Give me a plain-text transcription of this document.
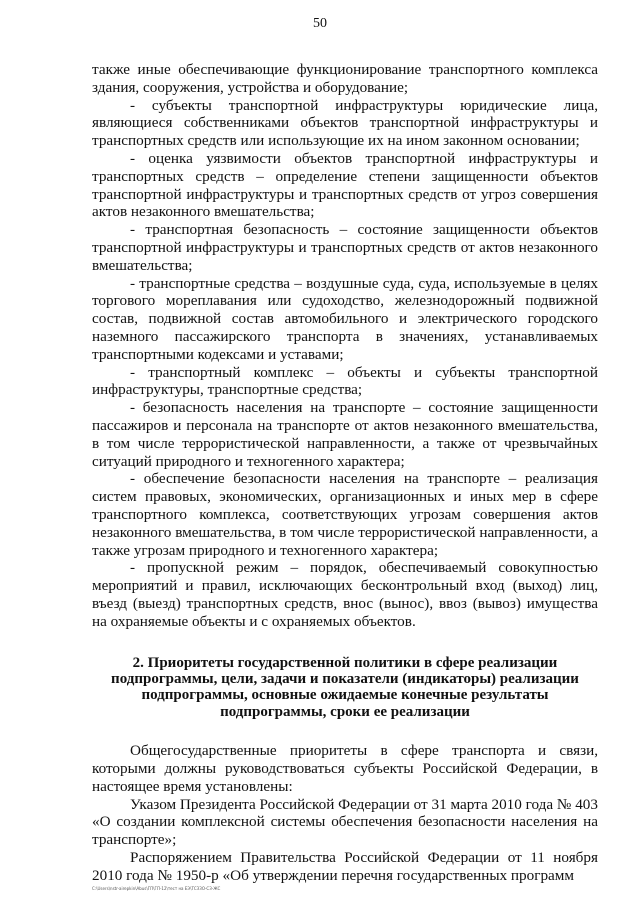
50

также иные обеспечивающие функционирование транспортного комплекса здания, сооружения, устройства и оборудование;

- субъекты транспортной инфраструктуры юридические лица, являющиеся собственниками объектов транспортной инфраструктуры и транспортных средств или использующие их на ином законном основании;

- оценка уязвимости объектов транспортной инфраструктуры и транспортных средств – определение степени защищенности объектов транспортной инфраструктуры и транспортных средств от угроз совершения актов незаконного вмешательства;

- транспортная безопасность – состояние защищенности объектов транспортной инфраструктуры и транспортных средств от актов незаконного вмешательства;

- транспортные средства – воздушные суда, суда, используемые в целях торгового мореплавания или судоходство, железнодорожный подвижной состав, подвижной состав автомобильного и электрического городского наземного пассажирского транспорта в значениях, устанавливаемых транспортными кодексами и уставами;

- транспортный комплекс – объекты и субъекты транспортной инфраструктуры, транспортные средства;

- безопасность населения на транспорте – состояние защищенности пассажиров и персонала на транспорте от актов незаконного вмешательства, в том числе террористической направленности, а также от чрезвычайных ситуаций природного и техногенного характера;

- обеспечение безопасности населения на транспорте – реализация систем правовых, экономических, организационных и иных мер в сфере транспортного комплекса, соответствующих угрозам совершения актов незаконного вмешательства, в том числе террористической направленности, а также угрозам природного и техногенного характера;

- пропускной режим – порядок, обеспечиваемый совокупностью мероприятий и правил, исключающих бесконтрольный вход (выход) лиц, въезд (выезд) транспортных средств, внос (вынос), ввоз (вывоз) имущества на охраняемые объекты и с охраняемых объектов.

2. Приоритеты государственной политики в сфере реализации подпрограммы, цели, задачи и показатели (индикаторы) реализации подпрограммы, основные ожидаемые конечные результаты подпрограммы, сроки ее реализации

Общегосударственные приоритеты в сфере транспорта и связи, которыми должны руководствоваться субъекты Российской Федерации, в настоящее время установлены:

Указом Президента Российской Федерации от 31 марта 2010 года № 403 «О создании комплексной системы обеспечения безопасности населения на транспорте»;

Распоряжением Правительства Российской Федерации от 11 ноября 2010 года № 1950-р «Об утверждении перечня государственных программ

C:\Users\nstr-airepkin\Abus\ГП\ГП-12\тест на ЕЭ\ТСЗЗО-СЗ-ЖС
